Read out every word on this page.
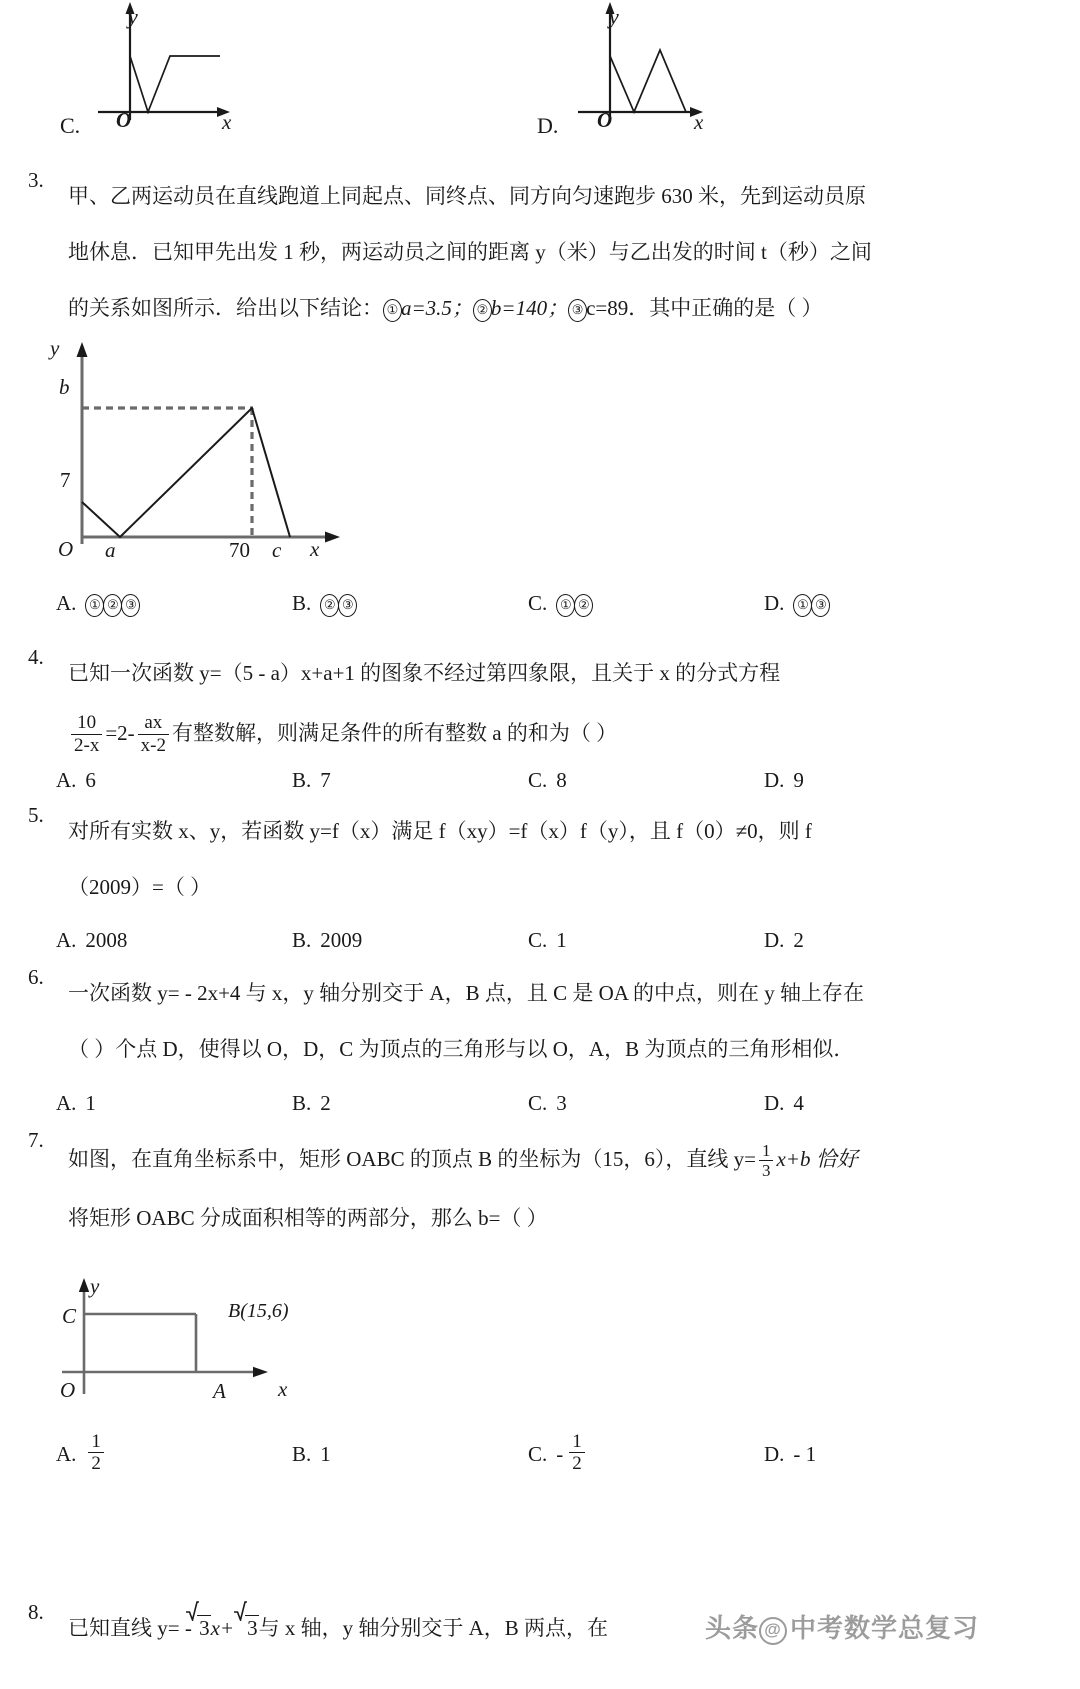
y
O	x
C.
y
O	x
D.
3.
甲、乙两运动员在直线跑道上同起点、同终点、同方向匀速跑步 630 米，先到运动员原
地休息．已知甲先出发 1 秒，两运动员之间的距离 y（米）与乙出发的时间 t（秒）之间
的关系如图所示．给出以下结论： ① a=3.5； ② b=140； ③ c=89．其中正确的是（ ）
y
b
7
O a	70 c x
A. ① ② ③	B. ② ③	C. ① ②	D. ① ③
4.
已知一次函数 y=（5 - a）x+a+1 的图象不经过第四象限，且关于 x 的分式方程
$\frac{10}{2-x} =2- \frac{ax}{x-2}$ 有整数解，则满足条件的所有整数 a 的和为（ ）
A. 6	B. 7	C. 8	D. 9
5.
对所有实数 x、y，若函数 y=f（x）满足 f（xy）=f（x）f（y），且 f（0）≠0，则 f
（2009）=（ ）
A. 2008	B. 2009	C. 1	D. 2
6.
一次函数 y= - 2x+4 与 x，y 轴分别交于 A，B 点，且 C 是 OA 的中点，则在 y 轴上存在
（ ）个点 D，使得以 O，D，C 为顶点的三角形与以 O，A，B 为顶点的三角形相似．
A. 1	B. 2	C. 3	D. 4
7.
如图，在直角坐标系中，矩形 OABC 的顶点 B 的坐标为（15，6），直线 $y= \frac{1}{3} x+b$ 恰好
将矩形 OABC 分成面积相等的两部分，那么 b=（ ）
y
C	B(15,6)
O	A x
A. $\frac{1}{2}$	B. 1	C. - $\frac{1}{2}$	D. - 1
8.
已知直线 y= -
3x+ 3与 x 轴，y 轴分别交于 A，B 两点，在	头条 @ 中考数学总复习
